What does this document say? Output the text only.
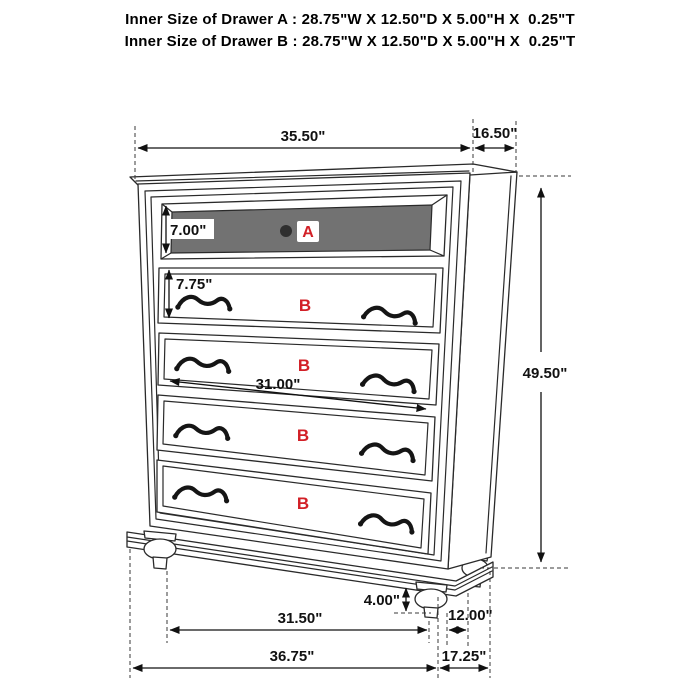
Inner Size of Drawer A : 28.75"W X 12.50"D X 5.00"H X  0.25"T
Inner Size of Drawer B : 28.75"W X 12.50"D X 5.00"H X  0.25"T
A
B
B
B
B
35.50"	16.50"
7.00"
7.75"
31.00"
49.50"
4.00"
31.50"	12.00"
36.75"	17.25"
